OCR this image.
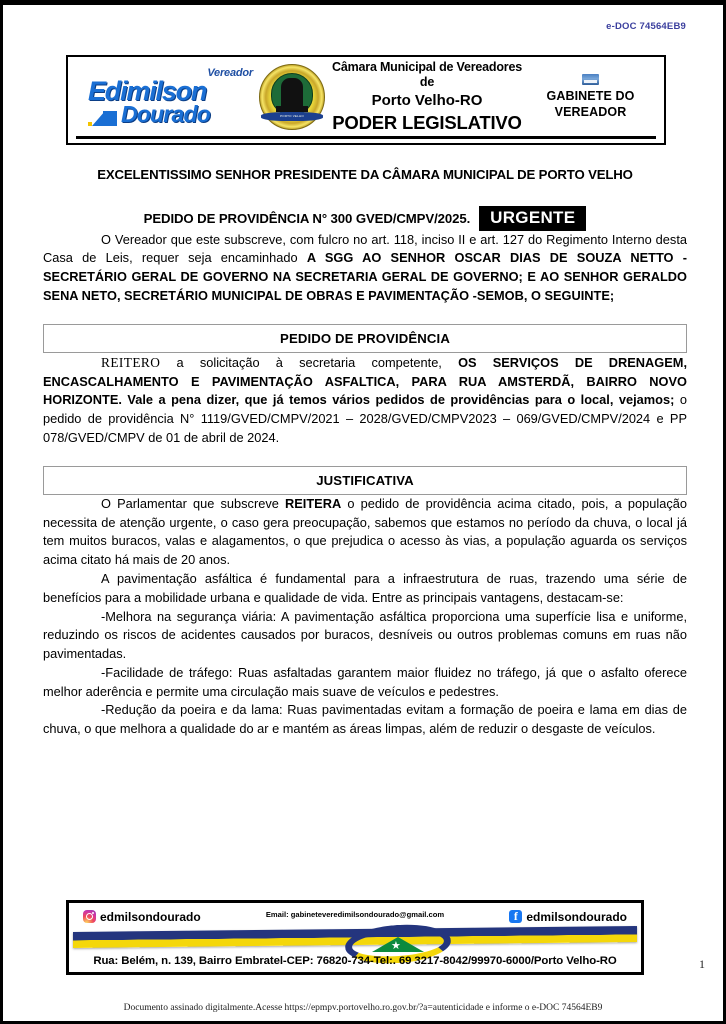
e-DOC 74564EB9
Vereador
Edimilson
Dourado	PORTO VELHO
Câmara Municipal de Vereadores de
Porto Velho-RO
PODER LEGISLATIVO
GABINETE DO
VEREADOR
EXCELENTISSIMO SENHOR PRESIDENTE DA CÂMARA MUNICIPAL DE PORTO VELHO
PEDIDO DE PROVIDÊNCIA N° 300 GVED/CMPV/2025.	URGENTE

O Vereador que este subscreve, com fulcro no art. 118, inciso II e art. 127 do Regimento Interno desta Casa de Leis, requer seja encaminhado A SGG AO SENHOR OSCAR DIAS DE SOUZA NETTO - SECRETÁRIO GERAL DE GOVERNO NA SECRETARIA GERAL DE GOVERNO; E AO SENHOR GERALDO SENA NETO, SECRETÁRIO MUNICIPAL DE OBRAS E PAVIMENTAÇÃO -SEMOB, O SEGUINTE;

PEDIDO DE PROVIDÊNCIA

REITERO a solicitação à secretaria competente, OS SERVIÇOS DE DRENAGEM, ENCASCALHAMENTO E PAVIMENTAÇÃO ASFALTICA, PARA RUA AMSTERDÃ, BAIRRO NOVO HORIZONTE. Vale a pena dizer, que já temos vários pedidos de providências para o local, vejamos; o pedido de providência N° 1119/GVED/CMPV/2021 – 2028/GVED/CMPV2023 – 069/GVED/CMPV/2024 e PP 078/GVED/CMPV de 01 de abril de 2024.

JUSTIFICATIVA

O Parlamentar que subscreve REITERA o pedido de providência acima citado, pois, a população necessita de atenção urgente, o caso gera preocupação, sabemos que estamos no período da chuva, o local já tem muitos buracos, valas e alagamentos, o que prejudica o acesso às vias, a população aguarda os serviços acima citato há mais de 20 anos.

A pavimentação asfáltica é fundamental para a infraestrutura de ruas, trazendo uma série de benefícios para a mobilidade urbana e qualidade de vida. Entre as principais vantagens, destacam-se:

-Melhora na segurança viária: A pavimentação asfáltica proporciona uma superfície lisa e uniforme, reduzindo os riscos de acidentes causados por buracos, desníveis ou outros problemas comuns em ruas não pavimentadas.

-Facilidade de tráfego: Ruas asfaltadas garantem maior fluidez no tráfego, já que o asfalto oferece melhor aderência e permite uma circulação mais suave de veículos e pedestres.

-Redução da poeira e da lama: Ruas pavimentadas evitam a formação de poeira e lama em dias de chuva, o que melhora a qualidade do ar e mantém as áreas limpas, além de reduzir o desgaste de veículos.

edmilsondourado	Email: gabineteveredimilsondourado@gmail.com	f edmilsondourado
★
Rua: Belém, n. 139, Bairro Embratel-CEP: 76820-734-Tel:. 69 3217-8042/99970-6000/Porto Velho-RO	1
Documento assinado digitalmente.Acesse https://epmpv.portovelho.ro.gov.br/?a=autenticidade e informe o e-DOC 74564EB9
